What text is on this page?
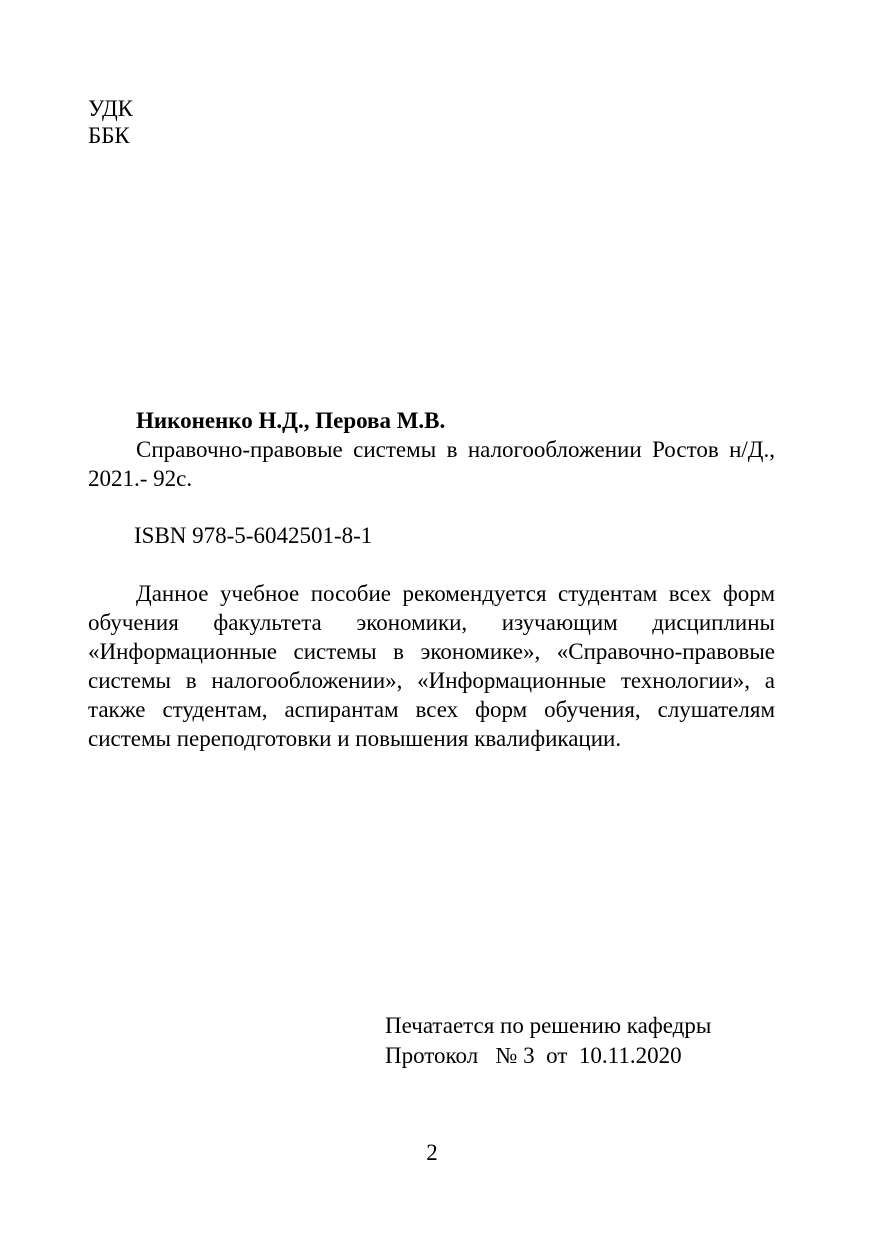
УДК
ББК

Никоненко Н.Д., Перова М.В.

Справочно-правовые системы в налогообложении Ростов н/Д., 2021.- 92с.

ISBN 978-5-6042501-8-1

Данное учебное пособие рекомендуется студентам всех форм обучения факультета экономики, изучающим дисциплины «Информационные системы в экономике», «Справочно-правовые системы в налогообложении», «Информационные технологии», а также студентам, аспирантам всех форм обучения, слушателям системы переподготовки и повышения квалификации.

Печатается по решению кафедры
Протокол   № 3  от  10.11.2020
2
